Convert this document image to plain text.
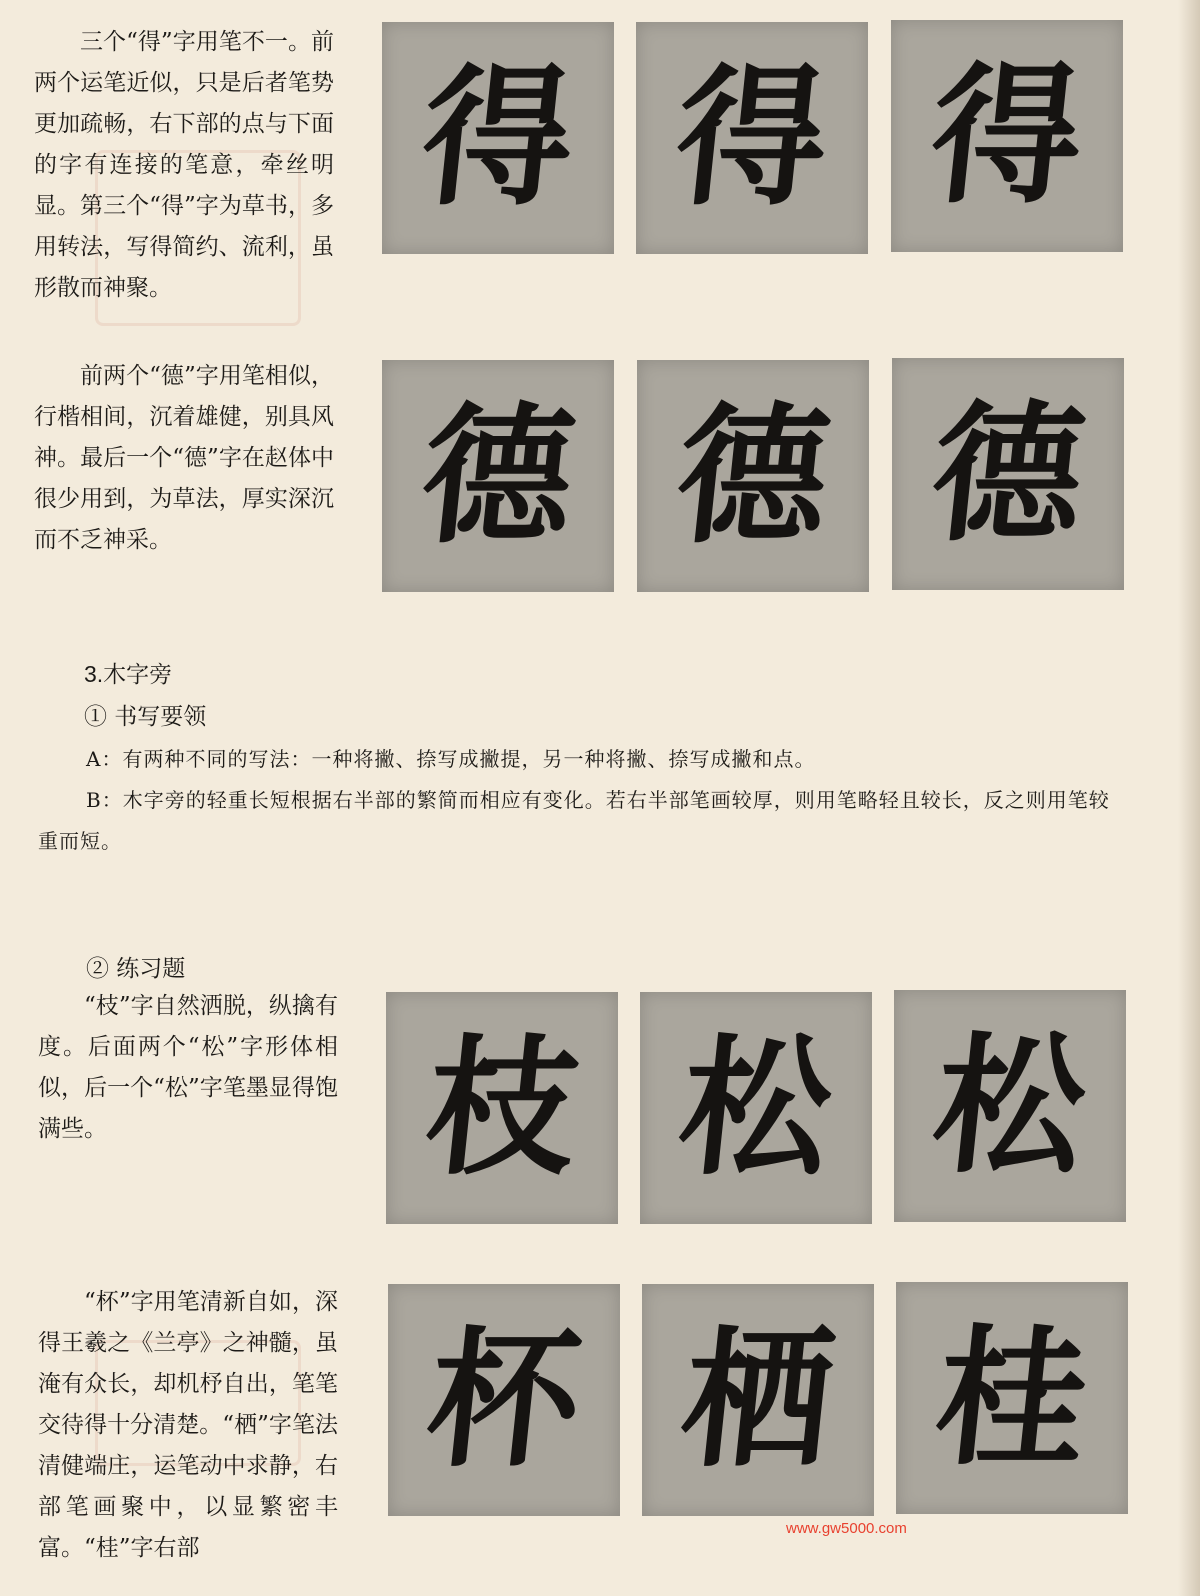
三个“得”字用笔不一。前两个运笔近似，只是后者笔势更加疏畅，右下部的点与下面的字有连接的笔意，牵丝明显。第三个“得”字为草书，多用转法，写得简约、流利，虽形散而神聚。

得 得 得

前两个“德”字用笔相似，行楷相间，沉着雄健，别具风神。最后一个“德”字在赵体中很少用到，为草法，厚实深沉而不乏神采。	德 德 德
3.木字旁
① 书写要领

A：有两种不同的写法：一种将撇、捺写成撇提，另一种将撇、捺写成撇和点。

B：木字旁的轻重长短根据右半部的繁简而相应有变化。若右半部笔画较厚，则用笔略轻且较长，反之则用笔较重而短。

② 练习题

“枝”字自然洒脱，纵擒有度。后面两个“松”字形体相似，后一个“松”字笔墨显得饱满些。	枝 松 松

“杯”字用笔清新自如，深得王羲之《兰亭》之神髓，虽淹有众长，却机杼自出，笔笔交待得十分清楚。“栖”字笔法清健端庄，运笔动中求静，右部笔画聚中，以显繁密丰富。“桂”字右部

杯 栖 桂
www.gw5000.com
